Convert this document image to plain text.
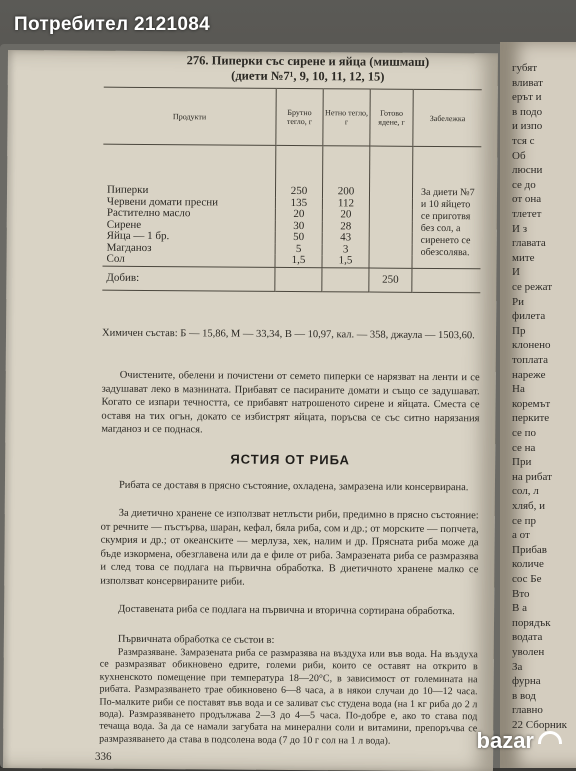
губят
вливат
ерът и
в подо
и изпо
тся с
Об
люсни
се до
от она
тлетет
И з
главата
мите
И
се режат
Ри
филета
Пр
клонено
топлата
нареже
На
коремът
перките
се по
се на
При
на рибат
сол, л
хляб, и
се пр
а от
Прибав
количе
сос Бе
Вто
В а
порядък
водата
уволен
За
фурна
в вод
главно
22 Сборник
276. Пиперки със сирене и яйца (мишмаш)
(диети №7¹, 9, 10, 11, 12, 15)
Продукти	Брутно тегло, г	Нетно тегло, г	Готово ядене, г	Забележка
Пиперки	250	200		За диети №7 и 10 яйцето се приготвя без сол, а сиренето се обезсолява.
Червени домати пресни	135	112		
Растително масло	20	20		
Сирене	30	28		
Яйца — 1 бр.	50	43		
Магданоз	5	3		
Сол	1,5	1,5		
Добив:			250	
Химичен състав: Б — 15,86, М — 33,34, В — 10,97, кал. — 358, джаула — 1503,60.
Очистените, обелени и почистени от семето пиперки се нарязват на ленти и се задушават леко в мазнината. Прибавят се пасираните домати и също се задушават. Когато се изпари течността, се прибавят натрошеното сирене и яйцата. Сместа се оставя на тих огън, докато се избистрят яйцата, поръсва се със ситно нарязания магданоз и се поднася.
ЯСТИЯ ОТ РИБА
Рибата се доставя в прясно състояние, охладена, замразена или консервирана.
За диетично хранене се използват нетлъсти риби, предимно в прясно състояние: от речните — пъстърва, шаран, кефал, бяла риба, сом и др.; от морските — попчета, скумрия и др.; от океанските — мерлуза, хек, налим и др. Прясната риба може да бъде изкормена, обезглавена или да е филе от риба. Замразената риба се размразява и след това се подлага на първична обработка. В диетичното хранене малко се използват консервираните риби.
Доставената риба се подлага на първична и вторична сортирана обработка.
Първичната обработка се състои в:
Размразяване. Замразената риба се размразява на въздуха или във вода. На въздуха се размразяват обикновено едрите, големи риби, които се оставят на открито в кухненското помещение при температура 18—20°С, в зависимост от големината на рибата. Размразяването трае обикновено 6—8 часа, а в някои случаи до 10—12 часа. По-малките риби се поставят във вода и се заливат със студена вода (на 1 кг риба до 2 л вода). Размразяването продължава 2—3 до 4—5 часа. По-добре е, ако то става под течаща вода. За да се намали загубата на минерални соли и витамини, препоръчва се размразяването да става в подсолена вода (7 до 10 г сол на 1 л вода).
336
Потребител 2121084
bazar
